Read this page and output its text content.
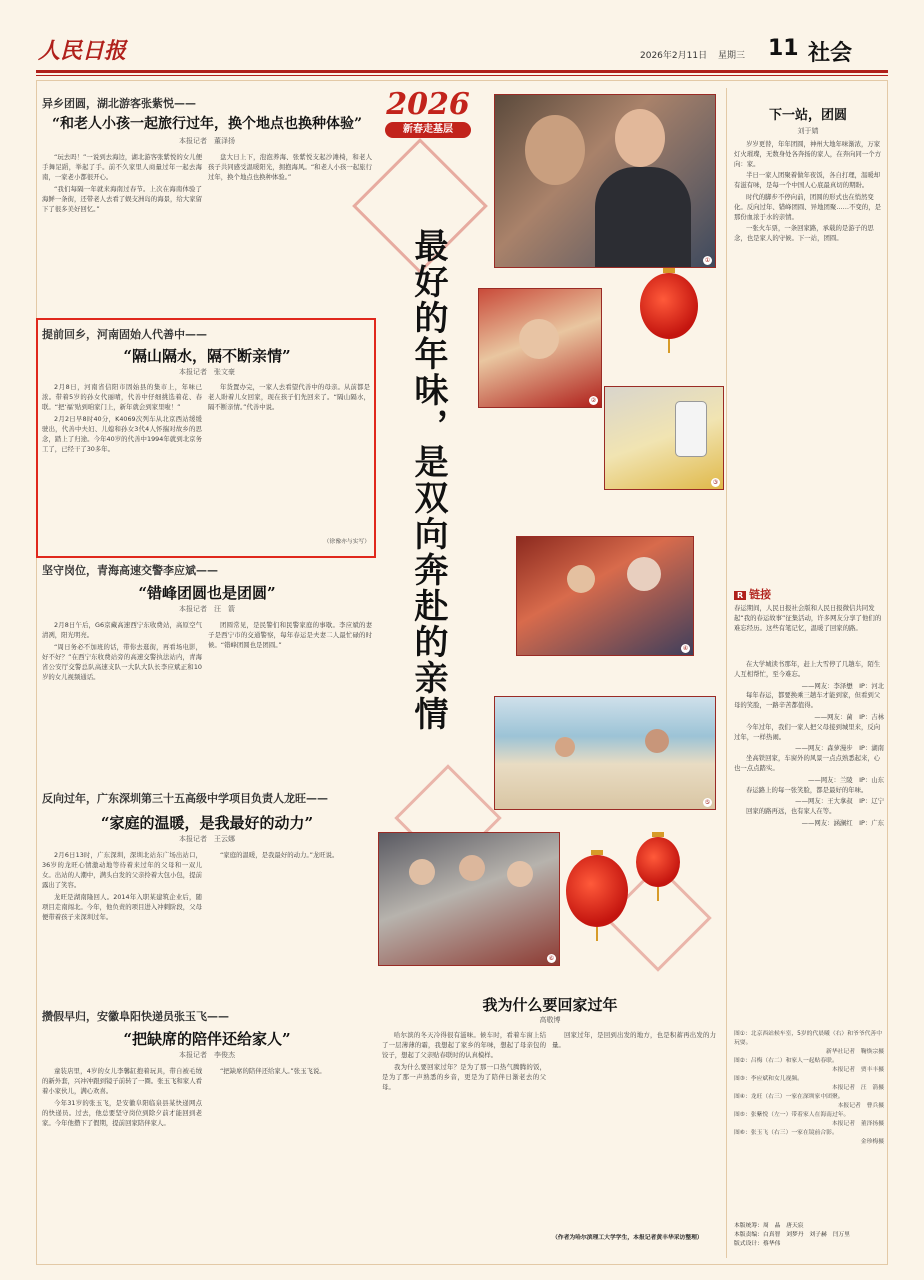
人民日报	2026年2月11日 星期三 11 社会
异乡团圆，湖北游客张紫悦——
“和老人小孩一起旅行过年，换个地点也换种体验”
本报记者　董泽扬

“玩去吗！”一说到去海边，湖北游客张紫悦的女儿便手舞足蹈，举起了手。前不久家里人商量过年一起去海南，一家老小都很开心。

“我们每隔一年就来海南过春节。上次在海南体验了海鲜一条街，还带老人去看了蜈支洲岛的海景，给大家留下了很多美好回忆。”

盘大日上下，泡泡养海、张紫悦支起沙滩椅，和老人孩子共同感受温暖阳光，拥抱海风。“和老人小孩一起旅行过年，换个地点也换种体验。”

提前回乡，河南固始人代善中——
“隔山隔水，隔不断亲情”
本报记者　张文豪

2月8日，河南省信阳市固始县的集市上，年味已浓。带着5岁的孙女代丽晴，代善中仔细挑选着花、春联。“把‘福’贴到咱家门上，新年就会到家里啦！”

2月2日早8时40分，K4069次列车从北京西站缓缓驶出，代善中夫妇、儿媳和孙女3代4人怀揣对故乡的思念，踏上了归途。今年40岁的代善中1994年就到北京务工了，已经干了30多年。

年货置办完，一家人去看望代善中的母亲。从前都是老人盼着儿女回家，现在孩子们先回来了。“隔山隔水，隔不断亲情。”代善中说。

（徐豫亦与实写）
坚守岗位，青海高速交警李应斌——
“错峰团圆也是团圆”
本报记者　汪　箭

2月8日午后，G6京藏高速西宁东收费站，高原空气清冽，阳光明亮。

“周日务必不加班的话，带你去逛街，再看场电影，好不好？”在西宁东收费站旁的高速交警执法站内，青海省公安厅交警总队高速支队一大队大队长李应斌正和10岁的女儿视频通话。

团圆常见，是民警们和民警家庭的事歇。李应斌的妻子是西宁市的交通警察，每年春运是夫妻二人最忙碌的时候。“错峰团圆也是团圆。”

反向过年，广东深圳第三十五高级中学项目负责人龙旺——
“家庭的温暖，是我最好的动力”
本报记者　王云娜

2月6日13时，广东深圳，深圳北站东广场出站口，36岁的龙旺心情激动地等待着来过年的父母和一双儿女。出站的人潮中，满头白发的父亲拎着大包小包，提前露出了笑容。

龙旺是湖南隆回人。2014年入职某建筑企业后，随项目走南闯北。今年，他负责的项目进入冲刺阶段，父母便带着孩子来深圳过年。

“家庭的温暖，是我最好的动力。”龙旺说。

攒假早归，安徽阜阳快递员张玉飞——
“把缺席的陪伴还给家人”
本报记者　李俊杰

童装店里，4岁的女儿李馨缸抱着玩具，带自被毛绒的新外套，兴冲冲跟到镜子前转了一圈。张玉飞和家人看着小家伙儿，满心欢喜。

今年31岁的张玉飞，是安徽阜阳临泉县某快递网点的快递员。过去，他总要坚守岗位到除夕前才能回到老家。今年他攒下了假期，提前回家陪伴家人。

“把缺席的陪伴还给家人。”张玉飞说。

2026
新春走基层
最好的年味，是双向奔赴的亲情	①
②
③
④
⑤
⑥
我为什么要回家过年
高敬博

哈尔滨的冬天冷得很有滋味。候车时，看着车窗上结了一层薄薄的霜，我想起了家乡的年味，想起了母亲包的饺子，想起了父亲贴春联时的认真模样。

我为什么要回家过年？是为了那一口热气腾腾的饭，是为了那一声熟悉的乡音，更是为了陪伴日渐老去的父母。

回家过年，是回到出发的地方，也是积蓄再出发的力量。

（作者为哈尔滨理工大学学生，本报记者黄丰华采访整理）
下一站，团圆
刘于婧

岁岁更替，年年团圆，神州大地年味渐浓，万家灯火璀璨，无数身处各奔扬的家人，在奔向同一个方向：家。

半日一家人团聚着做年夜饭，各自打理，温暖却有滋有味，是每一个中国人心底最真切的期盼。

时代的脚步不停向前，团圆的形式也在悄然变化。反向过年、错峰团圆、异地团聚……不变的，是那份血浓于水的亲情。

一张火车票，一条回家路，承载的是游子的思念，也是家人的守候。下一站，团圆。

R 链接
春运期间，人民日报社会版和人民日报微信共同发起“我的春运故事”征集活动，许多网友分享了他们的难忘经历。这些有笔记忆，温暖了回家的路。

在大学城读书那年，赶上大雪停了几趟车，陌生人互相帮忙，至今难忘。

——网友：李泽懋　IP：河北

每年春运，都要换乘三趟车才能到家，但看到父母的笑脸，一路辛苦都值得。

——网友：菌　IP：吉林

今年过年，我们一家人把父母接到城里来，反向过年，一样热闹。

——网友：森萝漫步　IP：湖南

坐高铁回家，车窗外的风景一点点熟悉起来，心也一点点踏实。

——网友：兰陵　IP：山东

春运路上的每一张笑脸，都是最好的年味。

——网友：王大拿叔　IP：辽宁

回家的路再远，也有家人在等。

——网友：涵澜红　IP：广东
图①：北京西站候车室，5岁的代晨曦（右）和爷爷代善中玩耍。
新华社记者　鞠焕宗摄
图②：吕梅（右二）和家人一起贴春联。
本报记者　贾丰丰摄
图③：李应斌和女儿视频。
本报记者　汪　箭摄
图④：龙旺（右三）一家在深圳家中团聚。
本报记者　曹兵摄
图⑤：张紫悦（左一）带着家人在海南过年。
本报记者　董泽扬摄
图⑥：张玉飞（右三）一家在镜前合影。
金珍梅摄
本版统筹：周　晶　唐天宸
本版责编：白真智　刘梦丹　刘子赫　闫万里
版式设计：蔡华伟
